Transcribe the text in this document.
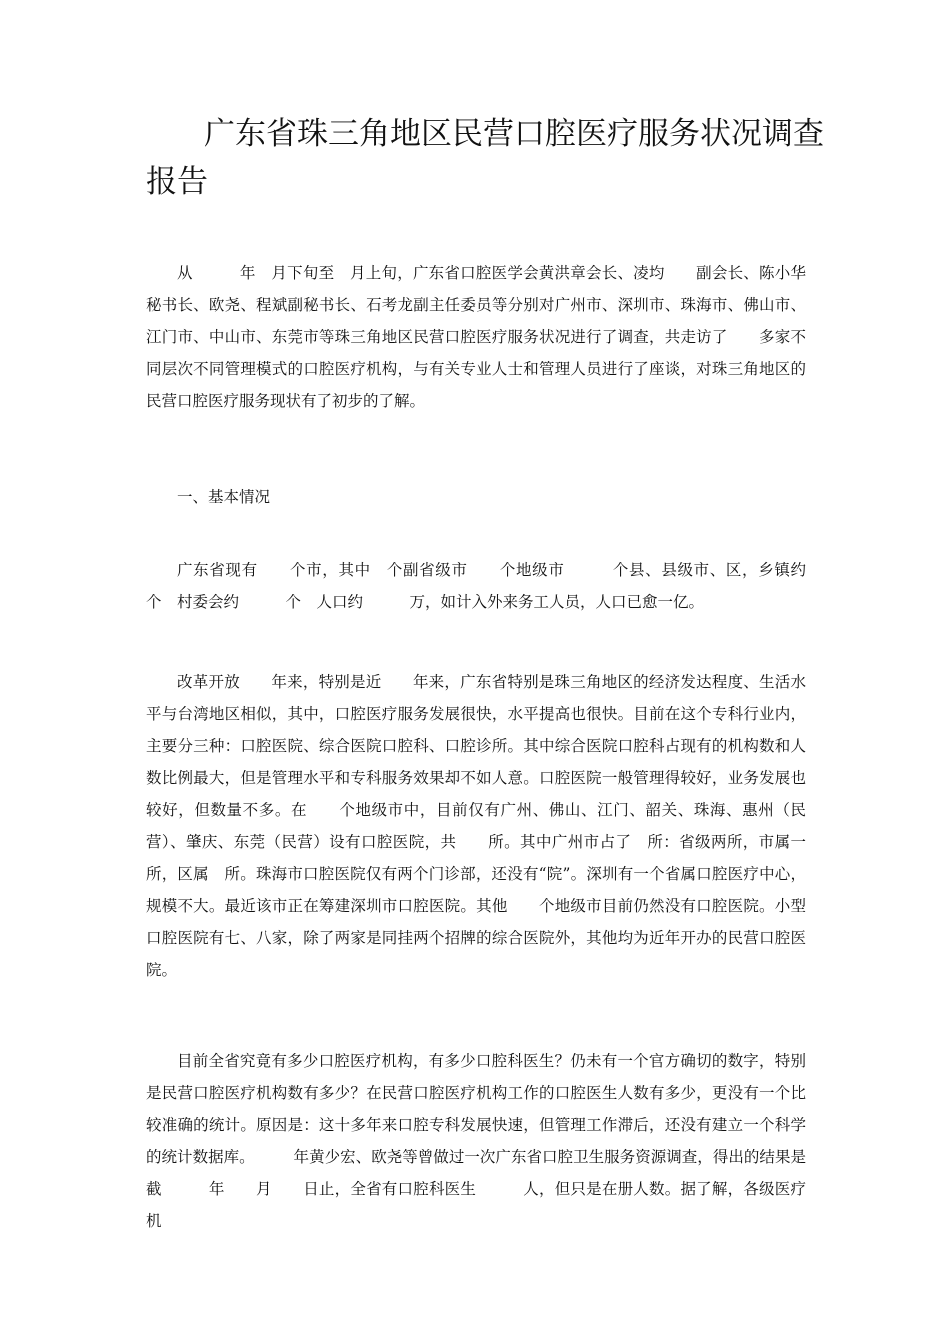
广东省珠三角地区民营口腔医疗服务状况调查
报告

从　　　年　月下旬至　月上旬，广东省口腔医学会黄洪章会长、凌均　　副会长、陈小华秘书长、欧尧、程斌副秘书长、石考龙副主任委员等分别对广州市、深圳市、珠海市、佛山市、江门市、中山市、东莞市等珠三角地区民营口腔医疗服务状况进行了调查，共走访了　　多家不同层次不同管理模式的口腔医疗机构，与有关专业人士和管理人员进行了座谈，对珠三角地区的民营口腔医疗服务现状有了初步的了解。

一、基本情况

广东省现有　　个市，其中　个副省级市　　个地级市　　　个县、县级市、区，乡镇约　　个　村委会约　　　个　人口约　　　万，如计入外来务工人员，人口已愈一亿。

改革开放　　年来，特别是近　　年来，广东省特别是珠三角地区的经济发达程度、生活水平与台湾地区相似，其中，口腔医疗服务发展很快，水平提高也很快。目前在这个专科行业内，主要分三种：口腔医院、综合医院口腔科、口腔诊所。其中综合医院口腔科占现有的机构数和人数比例最大，但是管理水平和专科服务效果却不如人意。口腔医院一般管理得较好，业务发展也较好，但数量不多。在　　个地级市中，目前仅有广州、佛山、江门、韶关、珠海、惠州（民营）、肇庆、东莞（民营）设有口腔医院，共　　所。其中广州市占了　所：省级两所，市属一所，区属　所。珠海市口腔医院仅有两个门诊部，还没有“院”。深圳有一个省属口腔医疗中心，规模不大。最近该市正在筹建深圳市口腔医院。其他　　个地级市目前仍然没有口腔医院。小型口腔医院有七、八家，除了两家是同挂两个招牌的综合医院外，其他均为近年开办的民营口腔医院。

目前全省究竟有多少口腔医疗机构，有多少口腔科医生？仍未有一个官方确切的数字，特别是民营口腔医疗机构数有多少？在民营口腔医疗机构工作的口腔医生人数有多少，更没有一个比较准确的统计。原因是：这十多年来口腔专科发展快速，但管理工作滞后，还没有建立一个科学的统计数据库。　　　年黄少宏、欧尧等曾做过一次广东省口腔卫生服务资源调查，得出的结果是截　　　年　　月　　日止，全省有口腔科医生　　　人，但只是在册人数。据了解，各级医疗机
